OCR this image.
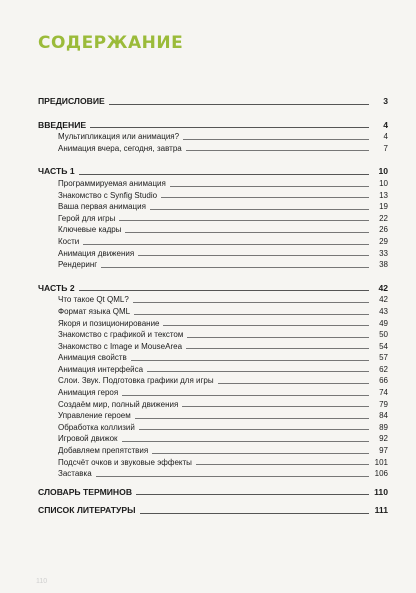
СОДЕРЖАНИЕ
ПРЕДИСЛОВИЕ	3
ВВЕДЕНИЕ	4
Мультипликация или анимация?	4
Анимация вчера, сегодня, завтра	7
ЧАСТЬ 1	10
Программируемая анимация	10
Знакомство с Synfig Studio	13
Ваша первая анимация	19
Герой для игры	22
Ключевые кадры	26
Кости	29
Анимация движения	33
Рендеринг	38
ЧАСТЬ 2	42
Что такое Qt QML?	42
Формат языка QML	43
Якоря и позиционирование	49
Знакомство с графикой и текстом	50
Знакомство с Image и MouseArea	54
Анимация свойств	57
Анимация интерфейса	62
Слои. Звук. Подготовка графики для игры	66
Анимация героя	74
Создаём мир, полный движения	79
Управление героем	84
Обработка коллизий	89
Игровой движок	92
Добавляем препятствия	97
Подсчёт очков и звуковые эффекты	101
Заставка	106
СЛОВАРЬ ТЕРМИНОВ	110
СПИСОК ЛИТЕРАТУРЫ	111
110
